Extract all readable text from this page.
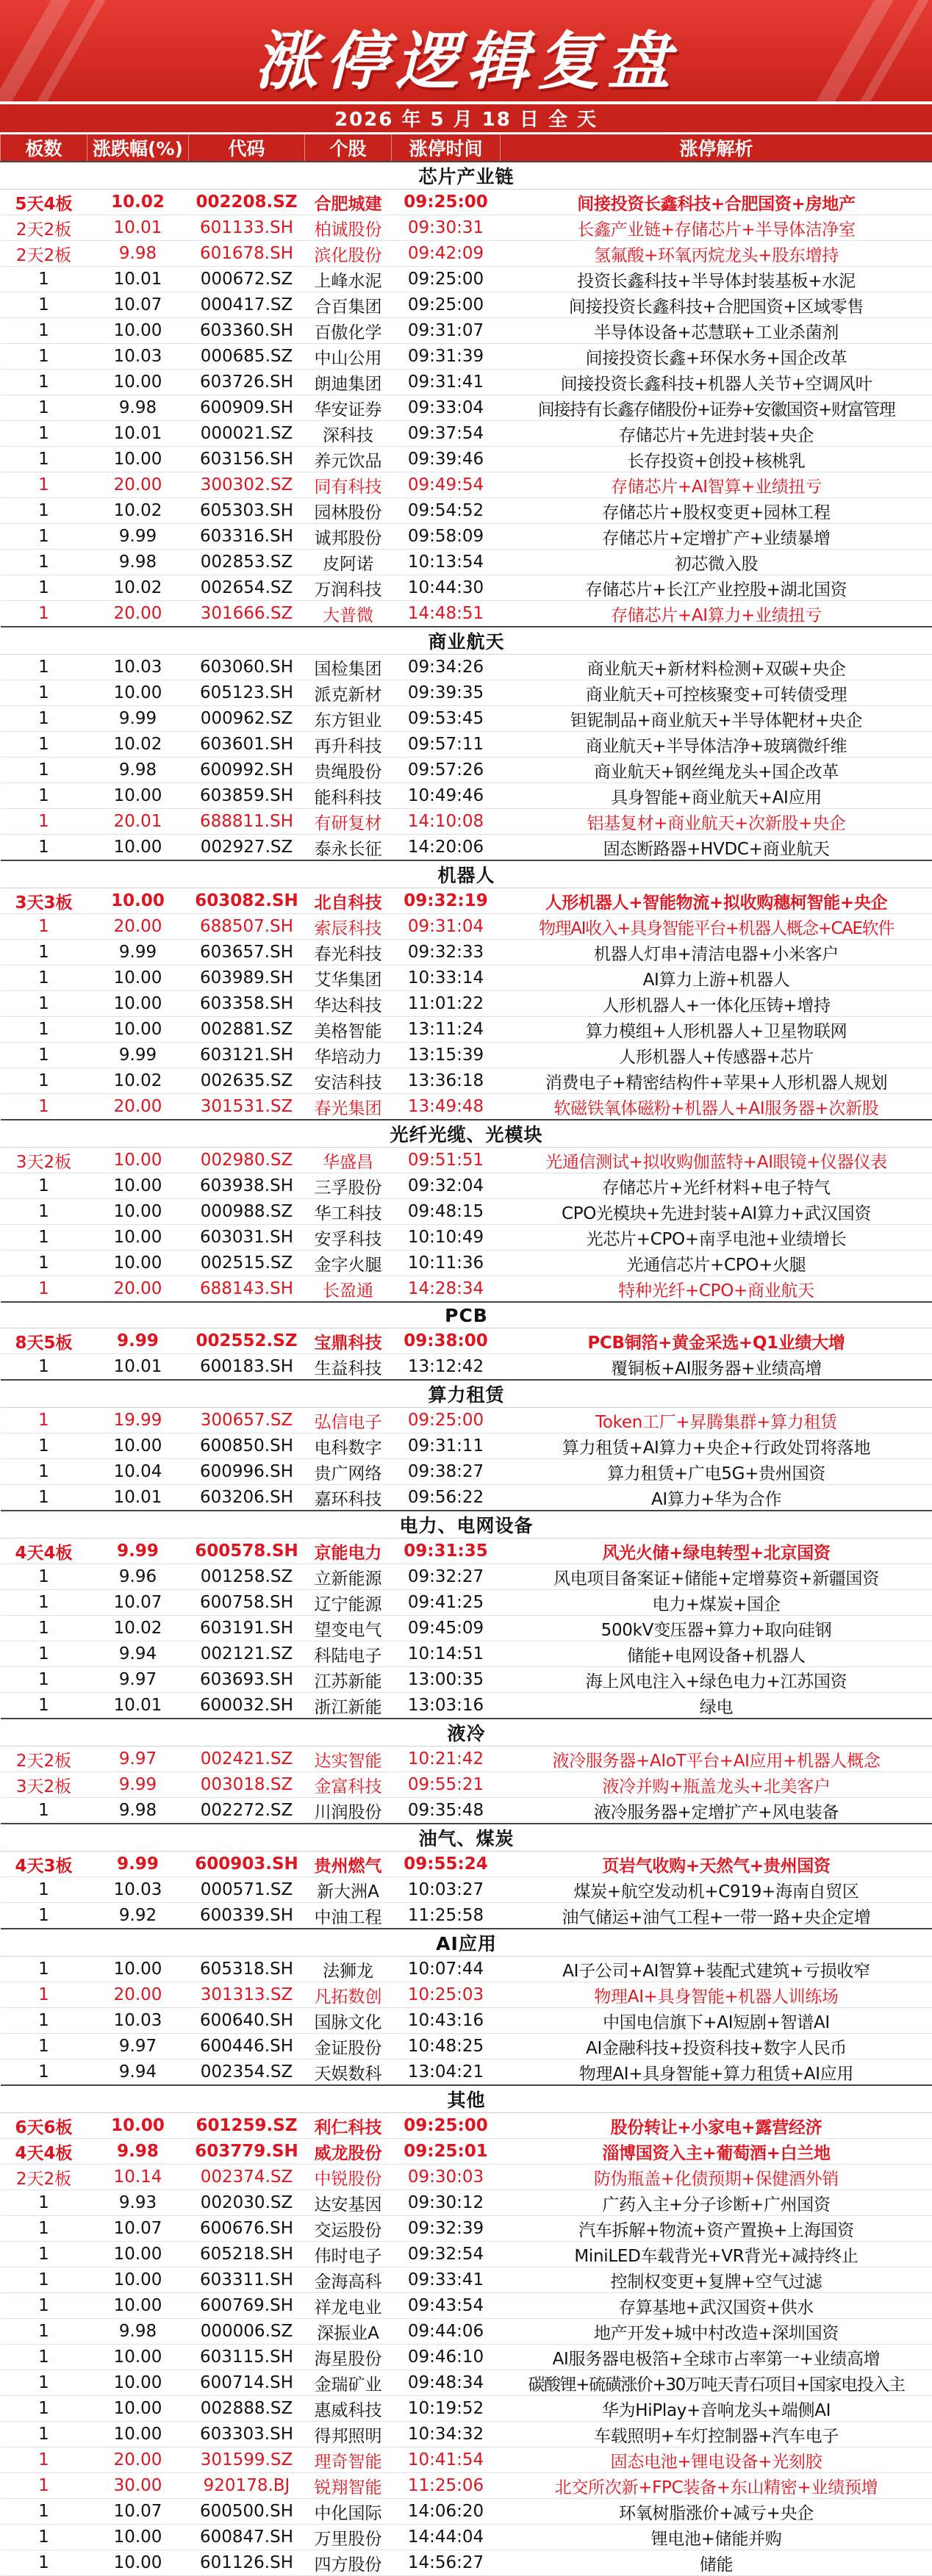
涨停逻辑复盘
2026 年 5 月 18 日 全 天
板数	涨跌幅(%)	代码	个股	涨停时间	涨停解析
芯片产业链					
5天4板	10.02	002208.SZ	合肥城建	09:25:00	间接投资长鑫科技+合肥国资+房地产
2天2板	10.01	601133.SH	柏诚股份	09:30:31	长鑫产业链+存储芯片+半导体洁净室
2天2板	9.98	601678.SH	滨化股份	09:42:09	氢氟酸+环氧丙烷龙头+股东增持
1	10.01	000672.SZ	上峰水泥	09:25:00	投资长鑫科技+半导体封装基板+水泥
1	10.07	000417.SZ	合百集团	09:25:00	间接投资长鑫科技+合肥国资+区域零售
1	10.00	603360.SH	百傲化学	09:31:07	半导体设备+芯慧联+工业杀菌剂
1	10.03	000685.SZ	中山公用	09:31:39	间接投资长鑫+环保水务+国企改革
1	10.00	603726.SH	朗迪集团	09:31:41	间接投资长鑫科技+机器人关节+空调风叶
1	9.98	600909.SH	华安证券	09:33:04	间接持有长鑫存储股份+证券+安徽国资+财富管理
1	10.01	000021.SZ	深科技	09:37:54	存储芯片+先进封装+央企
1	10.00	603156.SH	养元饮品	09:39:46	长存投资+创投+核桃乳
1	20.00	300302.SZ	同有科技	09:49:54	存储芯片+AI智算+业绩扭亏
1	10.02	605303.SH	园林股份	09:54:52	存储芯片+股权变更+园林工程
1	9.99	603316.SH	诚邦股份	09:58:09	存储芯片+定增扩产+业绩暴增
1	9.98	002853.SZ	皮阿诺	10:13:54	初芯微入股
1	10.02	002654.SZ	万润科技	10:44:30	存储芯片+长江产业控股+湖北国资
1	20.00	301666.SZ	大普微	14:48:51	存储芯片+AI算力+业绩扭亏
商业航天					
1	10.03	603060.SH	国检集团	09:34:26	商业航天+新材料检测+双碳+央企
1	10.00	605123.SH	派克新材	09:39:35	商业航天+可控核聚变+可转债受理
1	9.99	000962.SZ	东方钽业	09:53:45	钽铌制品+商业航天+半导体靶材+央企
1	10.02	603601.SH	再升科技	09:57:11	商业航天+半导体洁净+玻璃微纤维
1	9.98	600992.SH	贵绳股份	09:57:26	商业航天+钢丝绳龙头+国企改革
1	10.00	603859.SH	能科科技	10:49:46	具身智能+商业航天+AI应用
1	20.01	688811.SH	有研复材	14:10:08	铝基复材+商业航天+次新股+央企
1	10.00	002927.SZ	泰永长征	14:20:06	固态断路器+HVDC+商业航天
机器人					
3天3板	10.00	603082.SH	北自科技	09:32:19	人形机器人+智能物流+拟收购穗柯智能+央企
1	20.00	688507.SH	索辰科技	09:31:04	物理AI收入+具身智能平台+机器人概念+CAE软件
1	9.99	603657.SH	春光科技	09:32:33	机器人灯串+清洁电器+小米客户
1	10.00	603989.SH	艾华集团	10:33:14	AI算力上游+机器人
1	10.00	603358.SH	华达科技	11:01:22	人形机器人+一体化压铸+增持
1	10.00	002881.SZ	美格智能	13:11:24	算力模组+人形机器人+卫星物联网
1	9.99	603121.SH	华培动力	13:15:39	人形机器人+传感器+芯片
1	10.02	002635.SZ	安洁科技	13:36:18	消费电子+精密结构件+苹果+人形机器人规划
1	20.00	301531.SZ	春光集团	13:49:48	软磁铁氧体磁粉+机器人+AI服务器+次新股
光纤光缆、光模块					
3天2板	10.00	002980.SZ	华盛昌	09:51:51	光通信测试+拟收购伽蓝特+AI眼镜+仪器仪表
1	10.00	603938.SH	三孚股份	09:32:04	存储芯片+光纤材料+电子特气
1	10.00	000988.SZ	华工科技	09:48:15	CPO光模块+先进封装+AI算力+武汉国资
1	10.00	603031.SH	安孚科技	10:10:49	光芯片+CPO+南孚电池+业绩增长
1	10.00	002515.SZ	金字火腿	10:11:36	光通信芯片+CPO+火腿
1	20.00	688143.SH	长盈通	14:28:34	特种光纤+CPO+商业航天
PCB					
8天5板	9.99	002552.SZ	宝鼎科技	09:38:00	PCB铜箔+黄金采选+Q1业绩大增
1	10.01	600183.SH	生益科技	13:12:42	覆铜板+AI服务器+业绩高增
算力租赁					
1	19.99	300657.SZ	弘信电子	09:25:00	Token工厂+昇腾集群+算力租赁
1	10.00	600850.SH	电科数字	09:31:11	算力租赁+AI算力+央企+行政处罚将落地
1	10.04	600996.SH	贵广网络	09:38:27	算力租赁+广电5G+贵州国资
1	10.01	603206.SH	嘉环科技	09:56:22	AI算力+华为合作
电力、电网设备					
4天4板	9.99	600578.SH	京能电力	09:31:35	风光火储+绿电转型+北京国资
1	9.96	001258.SZ	立新能源	09:32:27	风电项目备案证+储能+定增募资+新疆国资
1	10.07	600758.SH	辽宁能源	09:41:25	电力+煤炭+国企
1	10.02	603191.SH	望变电气	09:45:09	500kV变压器+算力+取向硅钢
1	9.94	002121.SZ	科陆电子	10:14:51	储能+电网设备+机器人
1	9.97	603693.SH	江苏新能	13:00:35	海上风电注入+绿色电力+江苏国资
1	10.01	600032.SH	浙江新能	13:03:16	绿电
液冷					
2天2板	9.97	002421.SZ	达实智能	10:21:42	液冷服务器+AIoT平台+AI应用+机器人概念
3天2板	9.99	003018.SZ	金富科技	09:55:21	液冷并购+瓶盖龙头+北美客户
1	9.98	002272.SZ	川润股份	09:35:48	液冷服务器+定增扩产+风电装备
油气、煤炭					
4天3板	9.99	600903.SH	贵州燃气	09:55:24	页岩气收购+天然气+贵州国资
1	10.03	000571.SZ	新大洲A	10:03:27	煤炭+航空发动机+C919+海南自贸区
1	9.92	600339.SH	中油工程	11:25:58	油气储运+油气工程+一带一路+央企定增
AI应用					
1	10.00	605318.SH	法狮龙	10:07:44	AI子公司+AI智算+装配式建筑+亏损收窄
1	20.00	301313.SZ	凡拓数创	10:25:03	物理AI+具身智能+机器人训练场
1	10.03	600640.SH	国脉文化	10:43:16	中国电信旗下+AI短剧+智谱AI
1	9.97	600446.SH	金证股份	10:48:25	AI金融科技+投资科技+数字人民币
1	9.94	002354.SZ	天娱数科	13:04:21	物理AI+具身智能+算力租赁+AI应用
其他					
6天6板	10.00	601259.SZ	利仁科技	09:25:00	股份转让+小家电+露营经济
4天4板	9.98	603779.SH	威龙股份	09:25:01	淄博国资入主+葡萄酒+白兰地
2天2板	10.14	002374.SZ	中锐股份	09:30:03	防伪瓶盖+化债预期+保健酒外销
1	9.93	002030.SZ	达安基因	09:30:12	广药入主+分子诊断+广州国资
1	10.07	600676.SH	交运股份	09:32:39	汽车拆解+物流+资产置换+上海国资
1	10.00	605218.SH	伟时电子	09:32:54	MiniLED车载背光+VR背光+减持终止
1	10.00	603311.SH	金海高科	09:33:41	控制权变更+复牌+空气过滤
1	10.00	600769.SH	祥龙电业	09:43:54	存算基地+武汉国资+供水
1	9.98	000006.SZ	深振业A	09:44:06	地产开发+城中村改造+深圳国资
1	10.00	603115.SH	海星股份	09:46:10	AI服务器电极箔+全球市占率第一+业绩高增
1	10.00	600714.SH	金瑞矿业	09:48:34	碳酸锂+硫磺涨价+30万吨天青石项目+国家电投入主
1	10.00	002888.SZ	惠威科技	10:19:52	华为HiPlay+音响龙头+端侧AI
1	10.00	603303.SH	得邦照明	10:34:32	车载照明+车灯控制器+汽车电子
1	20.00	301599.SZ	理奇智能	10:41:54	固态电池+锂电设备+光刻胶
1	30.00	920178.BJ	锐翔智能	11:25:06	北交所次新+FPC装备+东山精密+业绩预增
1	10.07	600500.SH	中化国际	14:06:20	环氧树脂涨价+减亏+央企
1	10.00	600847.SH	万里股份	14:44:04	锂电池+储能并购
1	10.00	601126.SH	四方股份	14:56:27	储能
